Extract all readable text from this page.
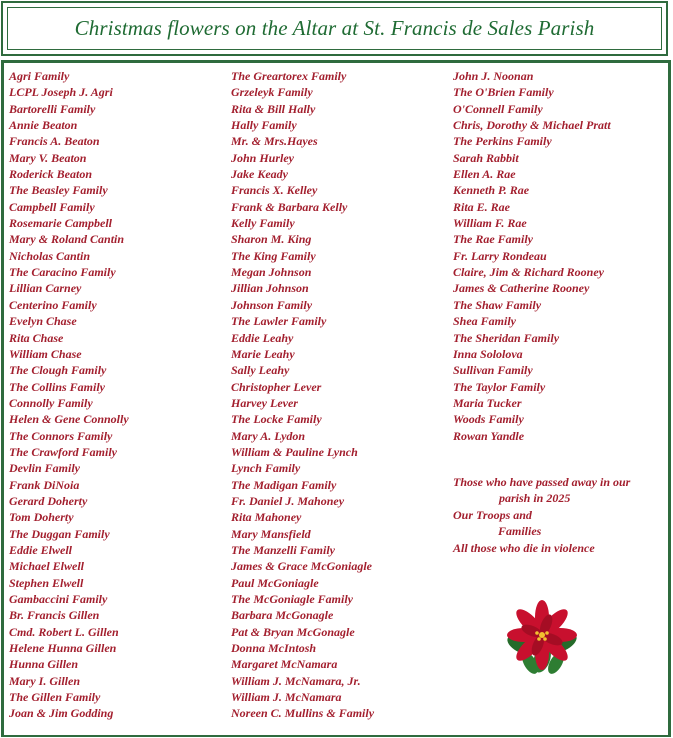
Christmas flowers on the Altar at St. Francis de Sales Parish
Agri Family
LCPL Joseph J. Agri
Bartorelli Family
Annie Beaton
Francis A. Beaton
Mary V. Beaton
Roderick Beaton
The Beasley Family
Campbell Family
Rosemarie Campbell
Mary & Roland Cantin
Nicholas Cantin
The Caracino Family
Lillian Carney
Centerino Family
Evelyn Chase
Rita Chase
William Chase
The Clough Family
The Collins Family
Connolly Family
Helen & Gene Connolly
The Connors Family
The Crawford Family
Devlin Family
Frank DiNoia
Gerard Doherty
Tom Doherty
The Duggan Family
Eddie Elwell
Michael Elwell
Stephen Elwell
Gambaccini Family
Br. Francis Gillen
Cmd. Robert L. Gillen
Helene Hunna Gillen
Hunna Gillen
Mary I. Gillen
The Gillen Family
Joan & Jim Godding
The Greartorex Family
Grzeleyk Family
Rita & Bill Hally
Hally Family
Mr. & Mrs.Hayes
John Hurley
Jake Keady
Francis X. Kelley
Frank & Barbara Kelly
Kelly Family
Sharon M. King
The King Family
Megan Johnson
Jillian Johnson
Johnson Family
The Lawler Family
Eddie Leahy
Marie Leahy
Sally Leahy
Christopher Lever
Harvey Lever
The Locke Family
Mary A. Lydon
William & Pauline Lynch
Lynch Family
The Madigan Family
Fr. Daniel J. Mahoney
Rita Mahoney
Mary Mansfield
The Manzelli Family
James & Grace McGoniagle
Paul McGoniagle
The McGoniagle Family
Barbara McGonagle
Pat & Bryan McGonagle
Donna McIntosh
Margaret McNamara
William J. McNamara, Jr.
William J. McNamara
Noreen C. Mullins & Family
John J. Noonan
The O'Brien Family
O'Connell Family
Chris, Dorothy & Michael Pratt
The Perkins Family
Sarah Rabbit
Ellen A. Rae
Kenneth P. Rae
Rita E. Rae
William F. Rae
The Rae Family
Fr. Larry Rondeau
Claire, Jim & Richard Rooney
James & Catherine Rooney
The Shaw Family
Shea Family
The Sheridan Family
Inna Sololova
Sullivan Family
The Taylor Family
Maria Tucker
Woods Family
Rowan Yandle

Those who have passed away in our
parish in 2025

Our Troops and
Families

All those who die in violence
